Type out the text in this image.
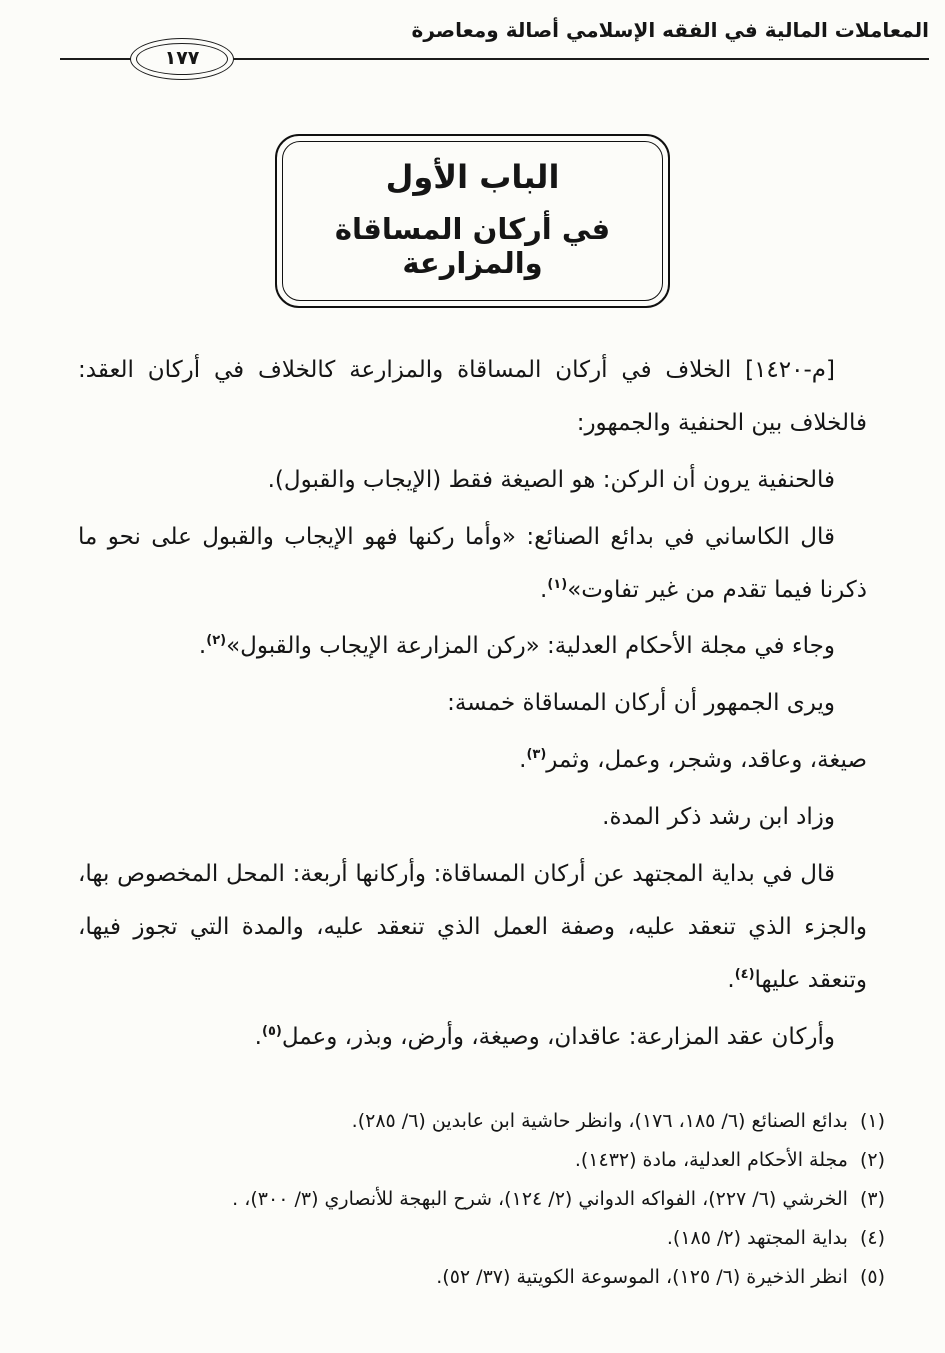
المعاملات المالية في الفقه الإسلامي أصالة ومعاصرة
١٧٧
الباب الأول
في أركان المساقاة والمزارعة

[م-١٤٢٠] الخلاف في أركان المساقاة والمزارعة كالخلاف في أركان العقد: فالخلاف بين الحنفية والجمهور:

فالحنفية يرون أن الركن: هو الصيغة فقط (الإيجاب والقبول).

قال الكاساني في بدائع الصنائع: «وأما ركنها فهو الإيجاب والقبول على نحو ما ذكرنا فيما تقدم من غير تفاوت»$^{(١)}$.

وجاء في مجلة الأحكام العدلية: «ركن المزارعة الإيجاب والقبول»$^{(٢)}$.

ويرى الجمهور أن أركان المساقاة خمسة:

صيغة، وعاقد، وشجر، وعمل، وثمر$^{(٣)}$.

وزاد ابن رشد ذكر المدة.

قال في بداية المجتهد عن أركان المساقاة: وأركانها أربعة: المحل المخصوص بها، والجزء الذي تنعقد عليه، وصفة العمل الذي تنعقد عليه، والمدة التي تجوز فيها، وتنعقد عليها$^{(٤)}$.

وأركان عقد المزارعة: عاقدان، وصيغة، وأرض، وبذر، وعمل$^{(٥)}$.

(١)
بدائع الصنائع (٦/ ١٨٥، ١٧٦)، وانظر حاشية ابن عابدين (٦/ ٢٨٥).
(٢)
مجلة الأحكام العدلية، مادة (١٤٣٢).
(٣)
الخرشي (٦/ ٢٢٧)، الفواكه الدواني (٢/ ١٢٤)، شرح البهجة للأنصاري (٣/ ٣٠٠)، .
(٤)
بداية المجتهد (٢/ ١٨٥).
(٥)
انظر الذخيرة (٦/ ١٢٥)، الموسوعة الكويتية (٣٧/ ٥٢).
